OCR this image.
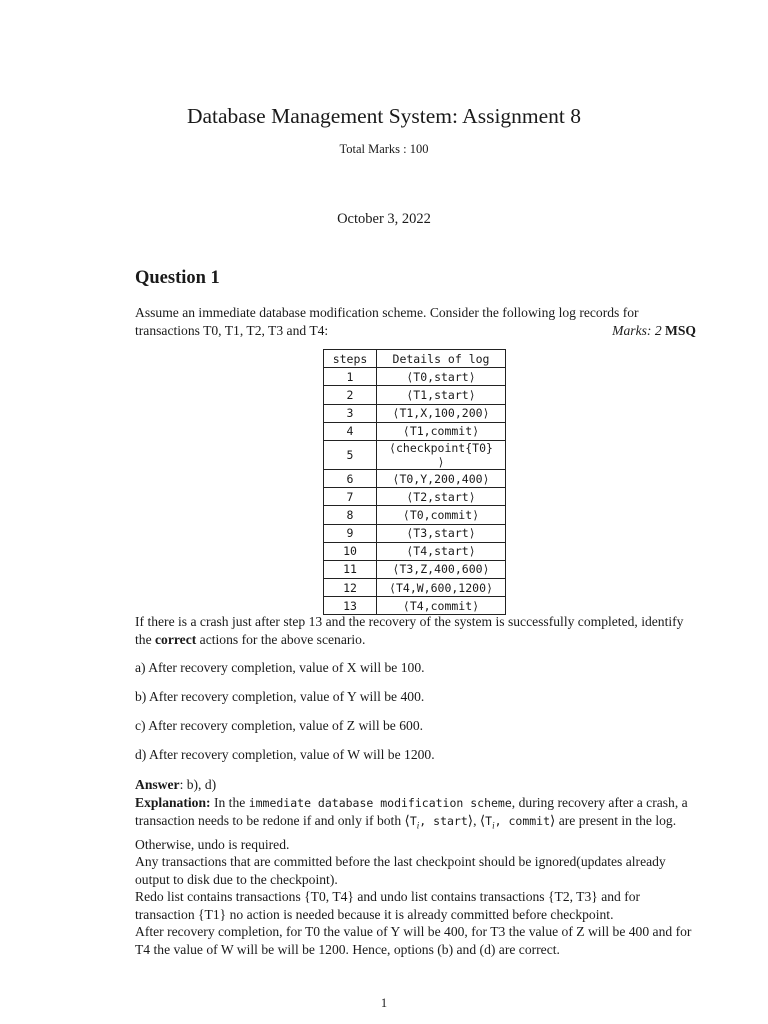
Database Management System: Assignment 8
Total Marks : 100
October 3, 2022
Question 1
Assume an immediate database modification scheme. Consider the following log records for
transactions T0, T1, T2, T3 and T4:	Marks: 2 MSQ
steps	Details of log
1	⟨T0,start⟩
2	⟨T1,start⟩
3	⟨T1,X,100,200⟩
4	⟨T1,commit⟩
5	⟨checkpoint{T0} ⟩
6	⟨T0,Y,200,400⟩
7	⟨T2,start⟩
8	⟨T0,commit⟩
9	⟨T3,start⟩
10	⟨T4,start⟩
11	⟨T3,Z,400,600⟩
12	⟨T4,W,600,1200⟩
13	⟨T4,commit⟩
If there is a crash just after step 13 and the recovery of the system is successfully completed, identify the correct actions for the above scenario.
a) After recovery completion, value of X will be 100.
b) After recovery completion, value of Y will be 400.
c) After recovery completion, value of Z will be 600.
d) After recovery completion, value of W will be 1200.

Answer: b), d)

Explanation: In the immediate database modification scheme, during recovery after a crash, a transaction needs to be redone if and only if both $⟨T_i$, start⟩, $⟨T_i$, commit⟩ are present in the log. Otherwise, undo is required.

Any transactions that are committed before the last checkpoint should be ignored(updates already output to disk due to the checkpoint).

Redo list contains transactions {T0, T4} and undo list contains transactions {T2, T3} and for transaction {T1} no action is needed because it is already committed before checkpoint.

After recovery completion, for T0 the value of Y will be 400, for T3 the value of Z will be 400 and for T4 the value of W will be will be 1200. Hence, options (b) and (d) are correct.

1
